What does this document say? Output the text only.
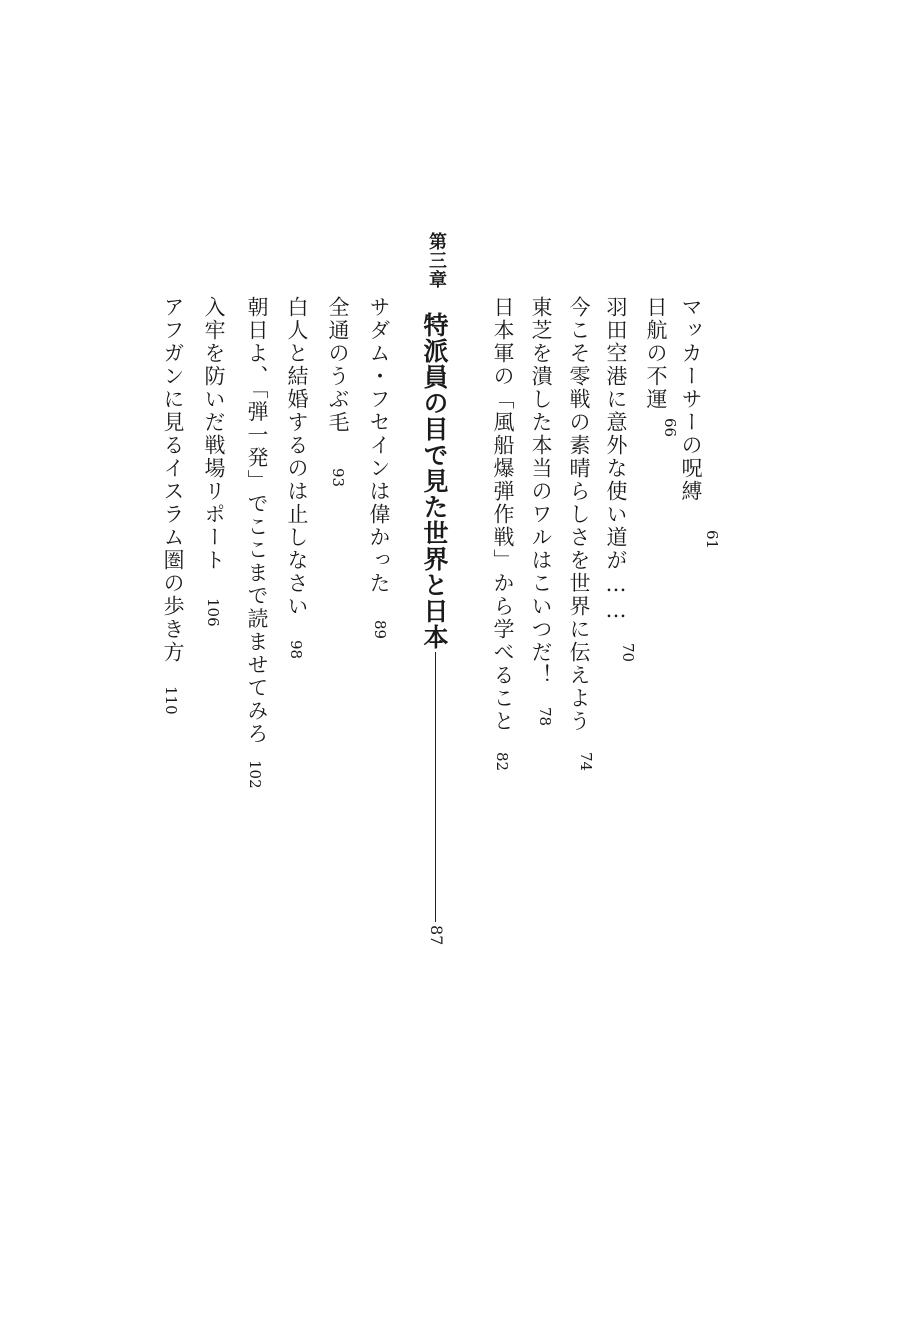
マッカーサーの呪縛
61
日航の不運
66
羽田空港に意外な使い道が……
70
今こそ零戦の素晴らしさを世界に伝えよう
74
東芝を潰した本当のワルはこいつだ！
78
日本軍の「風船爆弾作戦」から学べること
82
第三章
特派員の目で見た世界と日本
87
サダム・フセインは偉かった
89
全通のうぶ毛
93
白人と結婚するのは止しなさい
98
朝日よ、「弾一発」でここまで読ませてみろ
102
入牢を防いだ戦場リポート
106
アフガンに見るイスラム圏の歩き方
110
